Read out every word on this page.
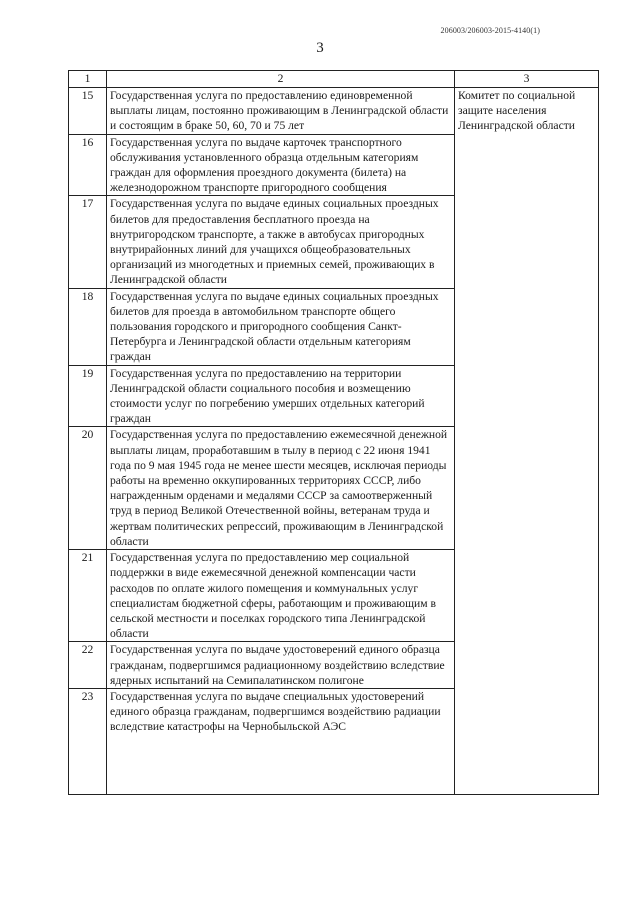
206003/206003-2015-4140(1)
3
1	2	3
15	Государственная услуга по предоставлению единовременной выплаты лицам, постоянно проживающим в Ленинградской области и состоящим в браке 50, 60, 70 и 75 лет	Комитет по социальной защите населения Ленинградской области
16	Государственная услуга по выдаче карточек транспортного обслуживания установленного образца отдельным категориям граждан для оформления проездного документа (билета) на железнодорожном транспорте пригородного сообщения	
17	Государственная услуга по выдаче единых социальных проездных билетов для предоставления бесплатного проезда на внутригородском транспорте, а также в автобусах пригородных внутрирайонных линий для учащихся общеобразовательных организаций из многодетных и приемных семей, проживающих в Ленинградской области	
18	Государственная услуга по выдаче единых социальных проездных билетов для проезда в автомобильном транспорте общего пользования городского и пригородного сообщения Санкт-Петербурга и Ленинградской области отдельным категориям граждан	
19	Государственная услуга по предоставлению на территории Ленинградской области социального пособия и возмещению стоимости услуг по погребению умерших отдельных категорий граждан	
20	Государственная услуга по предоставлению ежемесячной денежной выплаты лицам, проработавшим в тылу в период с 22 июня 1941 года по 9 мая 1945 года не менее шести месяцев, исключая периоды работы на временно оккупированных территориях СССР, либо награжденным орденами и медалями СССР за самоотверженный труд в период Великой Отечественной войны, ветеранам труда и жертвам политических репрессий, проживающим в Ленинградской области	
21	Государственная услуга по предоставлению мер социальной поддержки в виде ежемесячной денежной компенсации части расходов по оплате жилого помещения и коммунальных услуг специалистам бюджетной сферы, работающим и проживающим в сельской местности и поселках городского типа Ленинградской области	
22	Государственная услуга по выдаче удостоверений единого образца гражданам, подвергшимся радиационному воздействию вследствие ядерных испытаний на Семипалатинском полигоне	
23	Государственная услуга по выдаче специальных удостоверений единого образца гражданам, подвергшимся воздействию радиации вследствие катастрофы на Чернобыльской АЭС	
